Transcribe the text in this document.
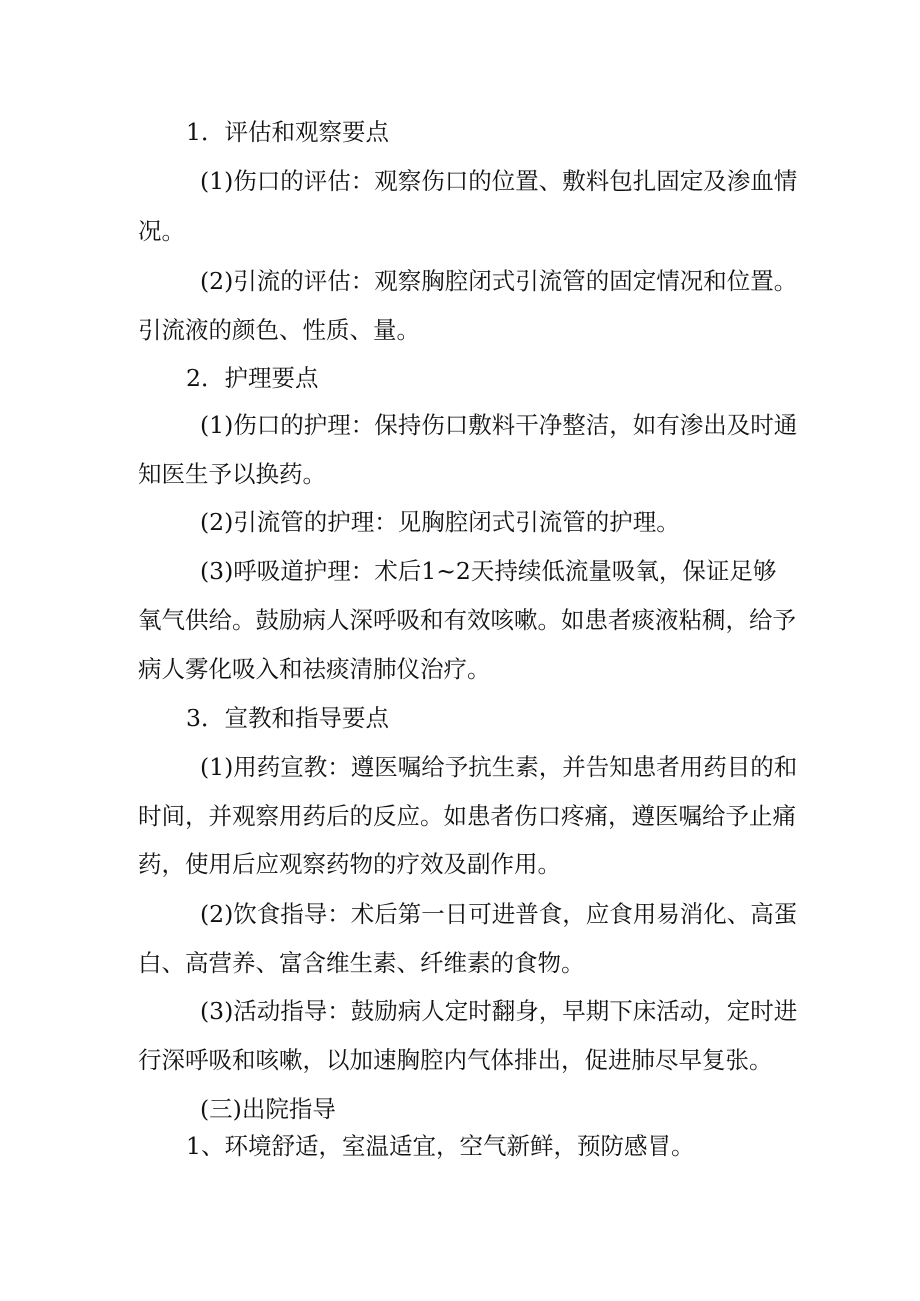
1．评估和观察要点
(1)伤口的评估：观察伤口的位置、敷料包扎固定及渗血情
况。
(2)引流的评估：观察胸腔闭式引流管的固定情况和位置。
引流液的颜色、性质、量。
2．护理要点
(1)伤口的护理：保持伤口敷料干净整洁，如有渗出及时通
知医生予以换药。
(2)引流管的护理：见胸腔闭式引流管的护理。
(3)呼吸道护理：术后1~2天持续低流量吸氧，保证足够
氧气供给。鼓励病人深呼吸和有效咳嗽。如患者痰液粘稠，给予
病人雾化吸入和祛痰清肺仪治疗。
3．宣教和指导要点
(1)用药宣教：遵医嘱给予抗生素，并告知患者用药目的和
时间，并观察用药后的反应。如患者伤口疼痛，遵医嘱给予止痛
药，使用后应观察药物的疗效及副作用。
(2)饮食指导：术后第一日可进普食，应食用易消化、高蛋
白、高营养、富含维生素、纤维素的食物。
(3)活动指导：鼓励病人定时翻身，早期下床活动，定时进
行深呼吸和咳嗽，以加速胸腔内气体排出，促进肺尽早复张。
(三)出院指导
1、环境舒适，室温适宜，空气新鲜，预防感冒。
